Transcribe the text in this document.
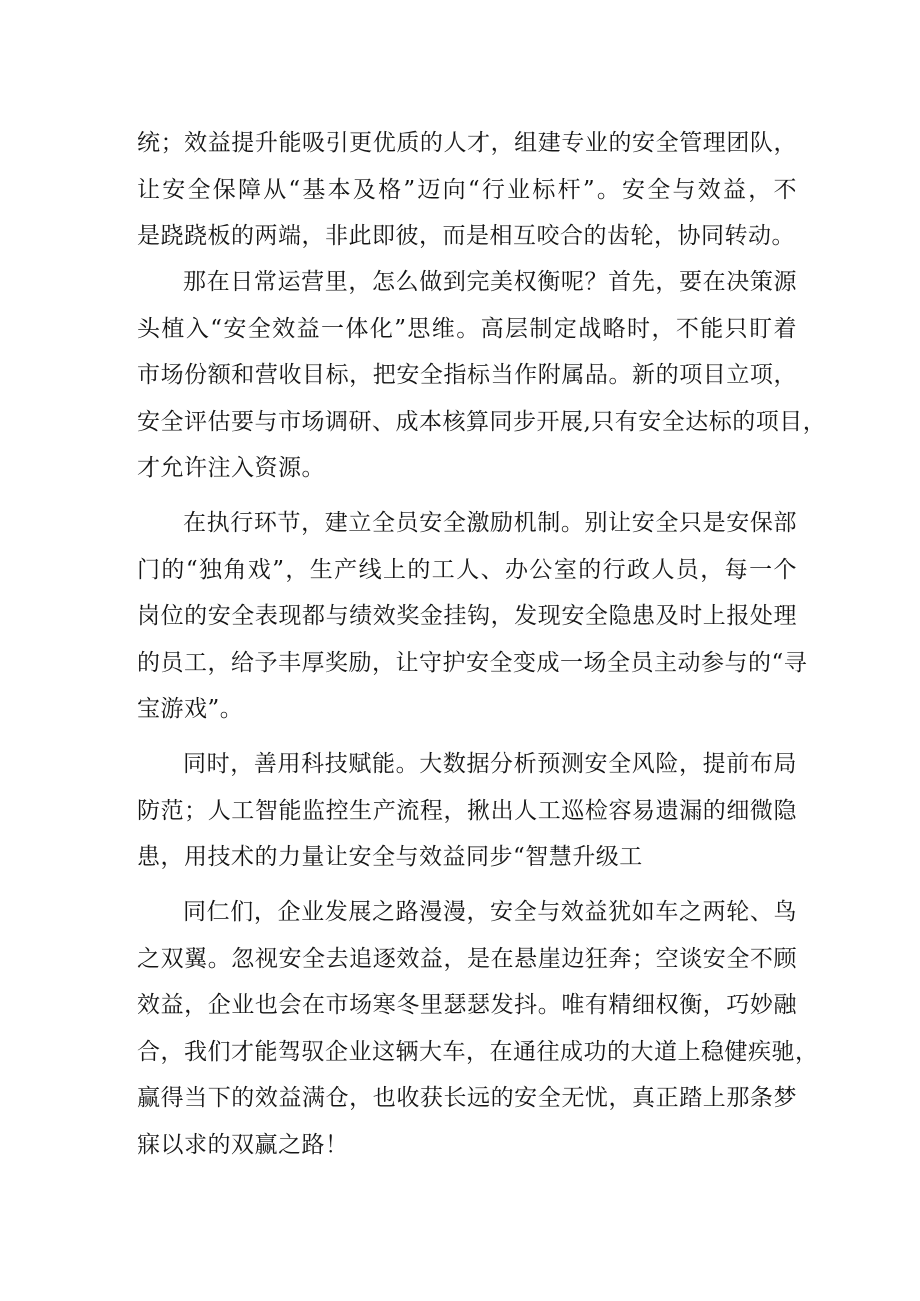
统；效益提升能吸引更优质的人才，组建专业的安全管理团队，
让安全保障从“基本及格”迈向“行业标杆”。安全与效益，不
是跷跷板的两端，非此即彼，而是相互咬合的齿轮，协同转动。
那在日常运营里，怎么做到完美权衡呢？首先，要在决策源
头植入“安全效益一体化”思维。高层制定战略时，不能只盯着
市场份额和营收目标，把安全指标当作附属品。新的项目立项，
安全评估要与市场调研、成本核算同步开展,只有安全达标的项目，
才允许注入资源。
在执行环节，建立全员安全激励机制。别让安全只是安保部
门的“独角戏”，生产线上的工人、办公室的行政人员，每一个
岗位的安全表现都与绩效奖金挂钩，发现安全隐患及时上报处理
的员工，给予丰厚奖励，让守护安全变成一场全员主动参与的“寻
宝游戏”。
同时，善用科技赋能。大数据分析预测安全风险，提前布局
防范；人工智能监控生产流程，揪出人工巡检容易遗漏的细微隐
患，用技术的力量让安全与效益同步“智慧升级工
同仁们，企业发展之路漫漫，安全与效益犹如车之两轮、鸟
之双翼。忽视安全去追逐效益，是在悬崖边狂奔；空谈安全不顾
效益，企业也会在市场寒冬里瑟瑟发抖。唯有精细权衡，巧妙融
合，我们才能驾驭企业这辆大车，在通往成功的大道上稳健疾驰，
赢得当下的效益满仓，也收获长远的安全无忧，真正踏上那条梦
寐以求的双赢之路！
